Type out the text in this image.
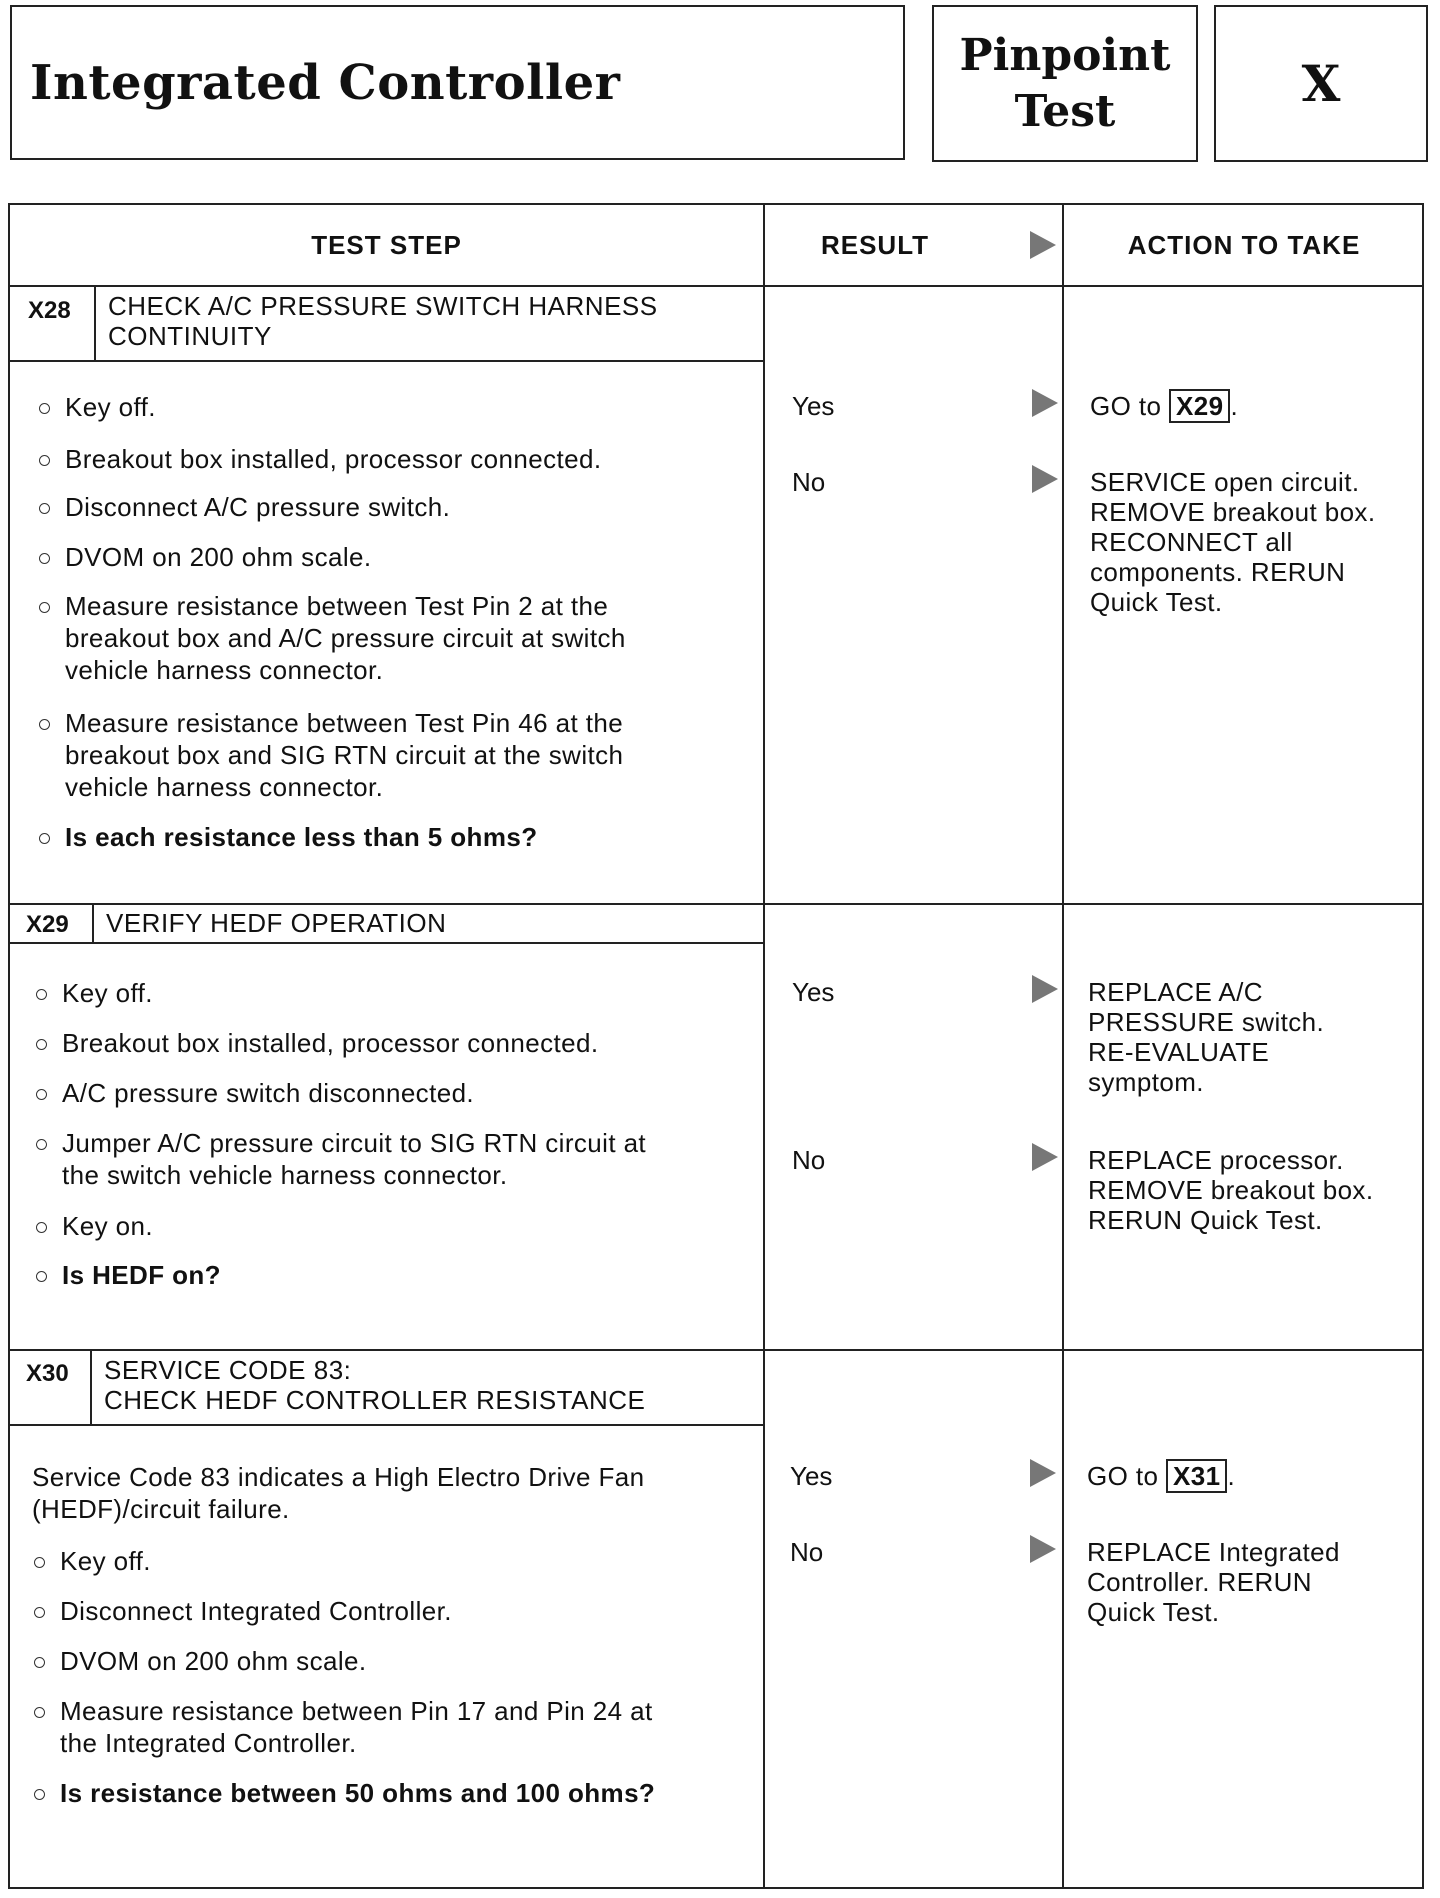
Integrated Controller	Pinpoint
Test	X
TEST STEP	RESULT	ACTION TO TAKE
X28 CHECK A/C PRESSURE SWITCH HARNESS
CONTINUITY
Key off.
Breakout box installed, processor connected.
Disconnect A/C pressure switch.
DVOM on 200 ohm scale.
Measure resistance between Test Pin 2 at the
breakout box and A/C pressure circuit at switch
vehicle harness connector.
Measure resistance between Test Pin 46 at the
breakout box and SIG RTN circuit at the switch
vehicle harness connector.
Is each resistance less than 5 ohms?
Yes	GO to X29 .
No	SERVICE open circuit.
REMOVE breakout box.
RECONNECT all
components. RERUN
Quick Test.
X29 VERIFY HEDF OPERATION
Key off.
Breakout box installed, processor connected.
A/C pressure switch disconnected.
Jumper A/C pressure circuit to SIG RTN circuit at
the switch vehicle harness connector.
Key on.
Is HEDF on?
Yes	REPLACE A/C
PRESSURE switch.
RE-EVALUATE
symptom.
No	REPLACE processor.
REMOVE breakout box.
RERUN Quick Test.
X30 SERVICE CODE 83:
CHECK HEDF CONTROLLER RESISTANCE
Service Code 83 indicates a High Electro Drive Fan
(HEDF)/circuit failure.
Key off.
Disconnect Integrated Controller.
DVOM on 200 ohm scale.
Measure resistance between Pin 17 and Pin 24 at
the Integrated Controller.
Is resistance between 50 ohms and 100 ohms?
Yes	GO to X31 .
No	REPLACE Integrated
Controller. RERUN
Quick Test.
